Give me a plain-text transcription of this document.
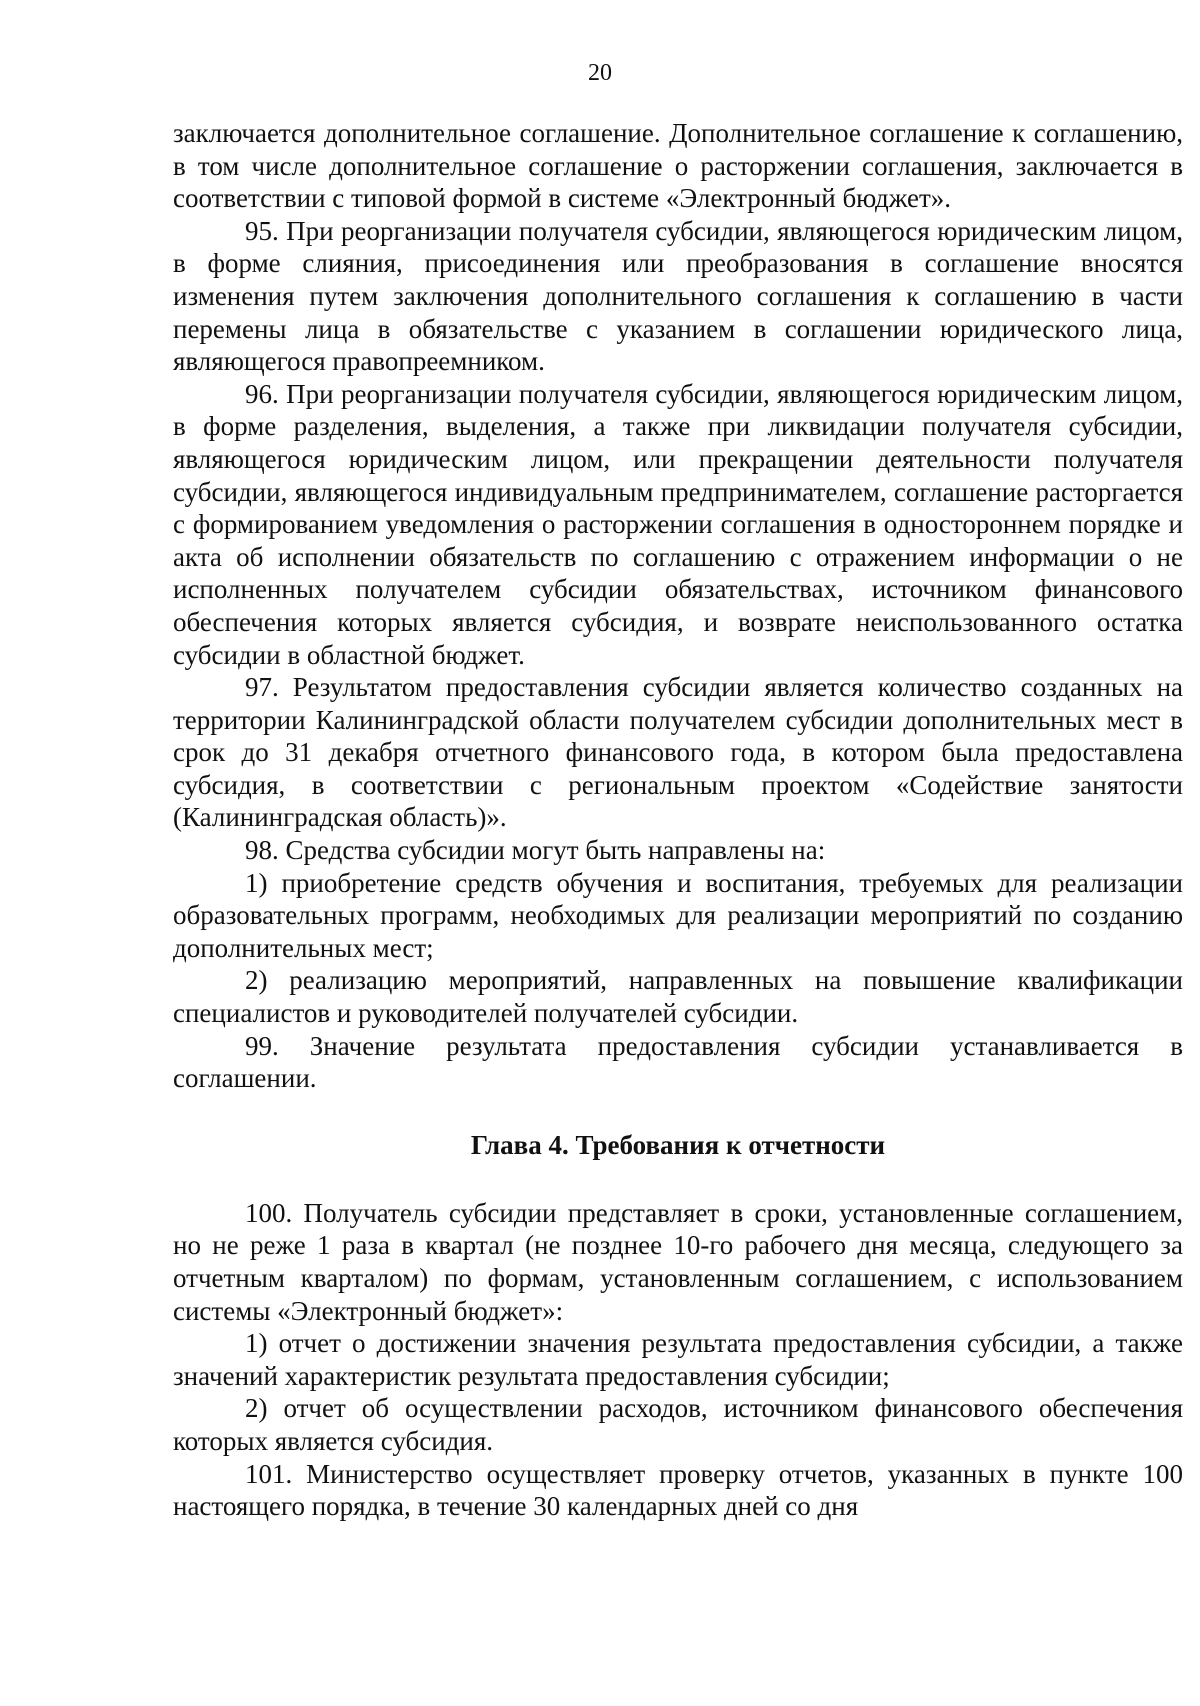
20

заключается дополнительное соглашение. Дополнительное соглашение к соглашению, в том числе дополнительное соглашение о расторжении соглашения, заключается в соответствии с типовой формой в системе «Электронный бюджет».

95. При реорганизации получателя субсидии, являющегося юридическим лицом, в форме слияния, присоединения или преобразования в соглашение вносятся изменения путем заключения дополнительного соглашения к соглашению в части перемены лица в обязательстве с указанием в соглашении юридического лица, являющегося правопреемником.

96. При реорганизации получателя субсидии, являющегося юридическим лицом, в форме разделения, выделения, а также при ликвидации получателя субсидии, являющегося юридическим лицом, или прекращении деятельности получателя субсидии, являющегося индивидуальным предпринимателем, соглашение расторгается с формированием уведомления о расторжении соглашения в одностороннем порядке и акта об исполнении обязательств по соглашению с отражением информации о не исполненных получателем субсидии обязательствах, источником финансового обеспечения которых является субсидия, и возврате неиспользованного остатка субсидии в областной бюджет.

97. Результатом предоставления субсидии является количество созданных на территории Калининградской области получателем субсидии дополнительных мест в срок до 31 декабря отчетного финансового года, в котором была предоставлена субсидия, в соответствии с региональным проектом «Содействие занятости (Калининградская область)».

98. Средства субсидии могут быть направлены на:

1) приобретение средств обучения и воспитания, требуемых для реализации образовательных программ, необходимых для реализации мероприятий по созданию дополнительных мест;

2) реализацию мероприятий, направленных на повышение квалификации специалистов и руководителей получателей субсидии.

99. Значение результата предоставления субсидии устанавливается в соглашении.

Глава 4. Требования к отчетности

100. Получатель субсидии представляет в сроки, установленные соглашением, но не реже 1 раза в квартал (не позднее 10-го рабочего дня месяца, следующего за отчетным кварталом) по формам, установленным соглашением, с использованием системы «Электронный бюджет»:

1) отчет о достижении значения результата предоставления субсидии, а также значений характеристик результата предоставления субсидии;

2) отчет об осуществлении расходов, источником финансового обеспечения которых является субсидия.

101. Министерство осуществляет проверку отчетов, указанных в пункте 100 настоящего порядка, в течение 30 календарных дней со дня
